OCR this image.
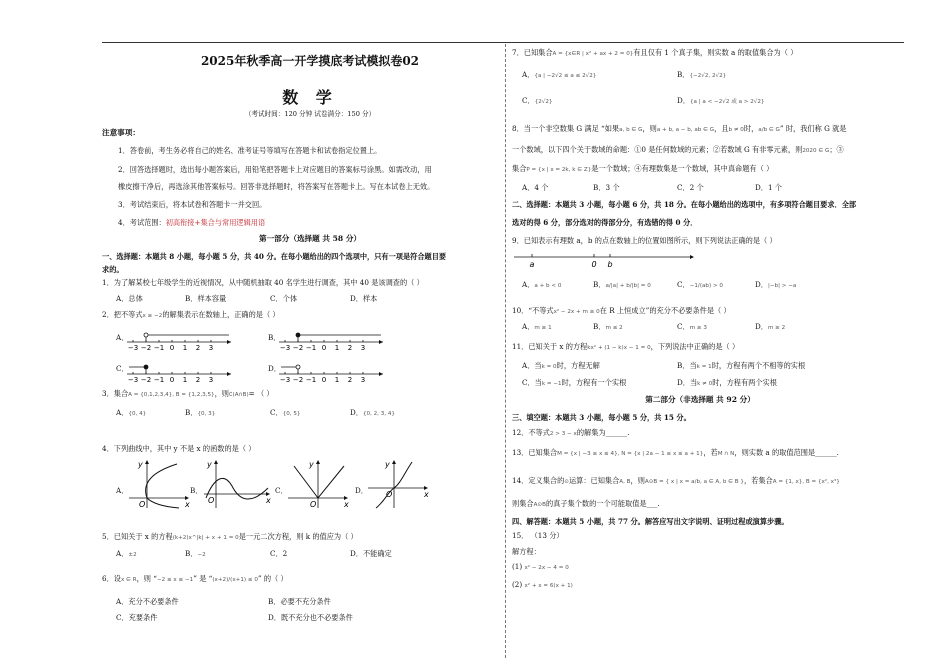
2025年秋季高一开学摸底考试模拟卷02
数 学
（考试时间：120 分钟 试卷满分：150 分）
注意事项：
1．答卷前，考生务必将自己的姓名、准考证号等填写在答题卡和试卷指定位置上。
2．回答选择题时，选出每小题答案后，用铅笔把答题卡上对应题目的答案标号涂黑。如需改动，用
橡皮擦干净后，再选涂其他答案标号。回答非选择题时，将答案写在答题卡上。写在本试卷上无效。
3．考试结束后，将本试卷和答题卡一并交回。
4．考试范围：初高衔接+集合与常用逻辑用语
第一部分（选择题 共 58 分）
一、选择题：本题共 8 小题，每小题 5 分，共 40 分。在每小题给出的四个选项中，只有一项是符合题目要
求的。
1．为了解某校七年级学生的近视情况，从中随机抽取 40 名学生进行调查，其中 40 是该调查的（ ）
A．总体	B．样本容量	C．个体	D．样本
2．把不等式x ≥ −2的解集表示在数轴上，正确的是（ ）
A．	B．
C．	D．
−3 −2 −1 0 1 2 3	−3 −2 −1 0 1 2 3
−3 −2 −1 0 1 2 3	−3 −2 −1 0 1 2 3
3．集合A = {0,1,2,3,4}, B = {1,2,3,5}，则∁(A∩B)= （ ）
A．{0, 4}	B．{0, 3}	C．{0, 5}	D．{0, 2, 3, 4}
4．下列曲线中，其中 y 不是 x 的函数的是（ ）
A．	B．	C．	D．
x
y
O	x
y
O	x
y
O
x
y
O
5．已知关于 x 的方程(k+2)x^|k| + x + 1 = 0是一元二次方程，则 k 的值应为（ ）
A．±2	B．−2	C．2	D．不能确定
6．设x ∈ R，则 “−2 ≤ x ≤ −1” 是 “(x+2)/(x+1) ≤ 0” 的（ ）
A．充分不必要条件	B．必要不充分条件
C．充要条件	D．既不充分也不必要条件
7．已知集合A = {x∈R | x² + ax + 2 = 0}有且仅有 1 个真子集，则实数 a 的取值集合为（ ）
A．{a | −2√2 ≤ a ≤ 2√2}	B．{−2√2, 2√2}
C．{2√2}	D．{a | a < −2√2 或 a > 2√2}
8．当一个非空数集 G 满足 “如果a, b ∈ G，则a + b, a − b, ab ∈ G，且b ≠ 0时，a/b ∈ G” 时，我们称 G 就是
一个数域，以下四个关于数域的命题：①0 是任何数域的元素；②若数域 G 有非零元素，则2020 ∈ G；③
集合P = {x | x = 2k, k ∈ Z}是一个数域；④有理数集是一个数域，其中真命题有（ ）
A．4 个	B．3 个	C．2 个	D．1 个
二、选择题：本题共 3 小题，每小题 6 分，共 18 分。在每小题给出的选项中，有多项符合题目要求．全部
选对的得 6 分，部分选对的得部分分，有选错的得 0 分．
9．已知表示有理数 a，b 的点在数轴上的位置如图所示，则下列说法正确的是（ ）
a	0 b
A．a + b < 0	B．a/|a| + b/|b| = 0	C．−1/(ab) > 0	D．|−b| > −a
10．“不等式x² − 2x + m ≥ 0在 R 上恒成立”的充分不必要条件是（ ）
A．m ≥ 1	B．m ≤ 2	C．m ≥ 3	D．m ≥ 2
11．已知关于 x 的方程kx² + (1 − k)x − 1 = 0，下列说法中正确的是（ ）
A．当k = 0时，方程无解	B．当k = 1时，方程有两个不相等的实根
C．当k = −1时，方程有一个实根	D．当k ≠ 0时，方程有两个实根
第二部分（非选择题 共 92 分）
三、填空题：本题共 3 小题，每小题 5 分，共 15 分。
12．不等式2 > 3 − x的解集为______.
13．已知集合M = {x | −3 ≤ x ≤ 4}, N = {x | 2a − 1 ≤ x ≤ a + 1}，若M ∩ N，则实数 a 的取值范围是______.
14．定义集合的⊙运算：已知集合A, B，则A⊙B = { x | x = a/b, a ∈ A, b ∈ B }，若集合A = {1, x}, B = {x², x³}
则集合A⊙B的真子集个数的一个可能取值是___.
四、解答题：本题共 5 小题，共 77 分。解答应写出文字说明、证明过程或演算步骤。
15． （13 分）
解方程：
(1) x² − 2x − 4 = 0
(2) x² + x = 6(x + 1)
